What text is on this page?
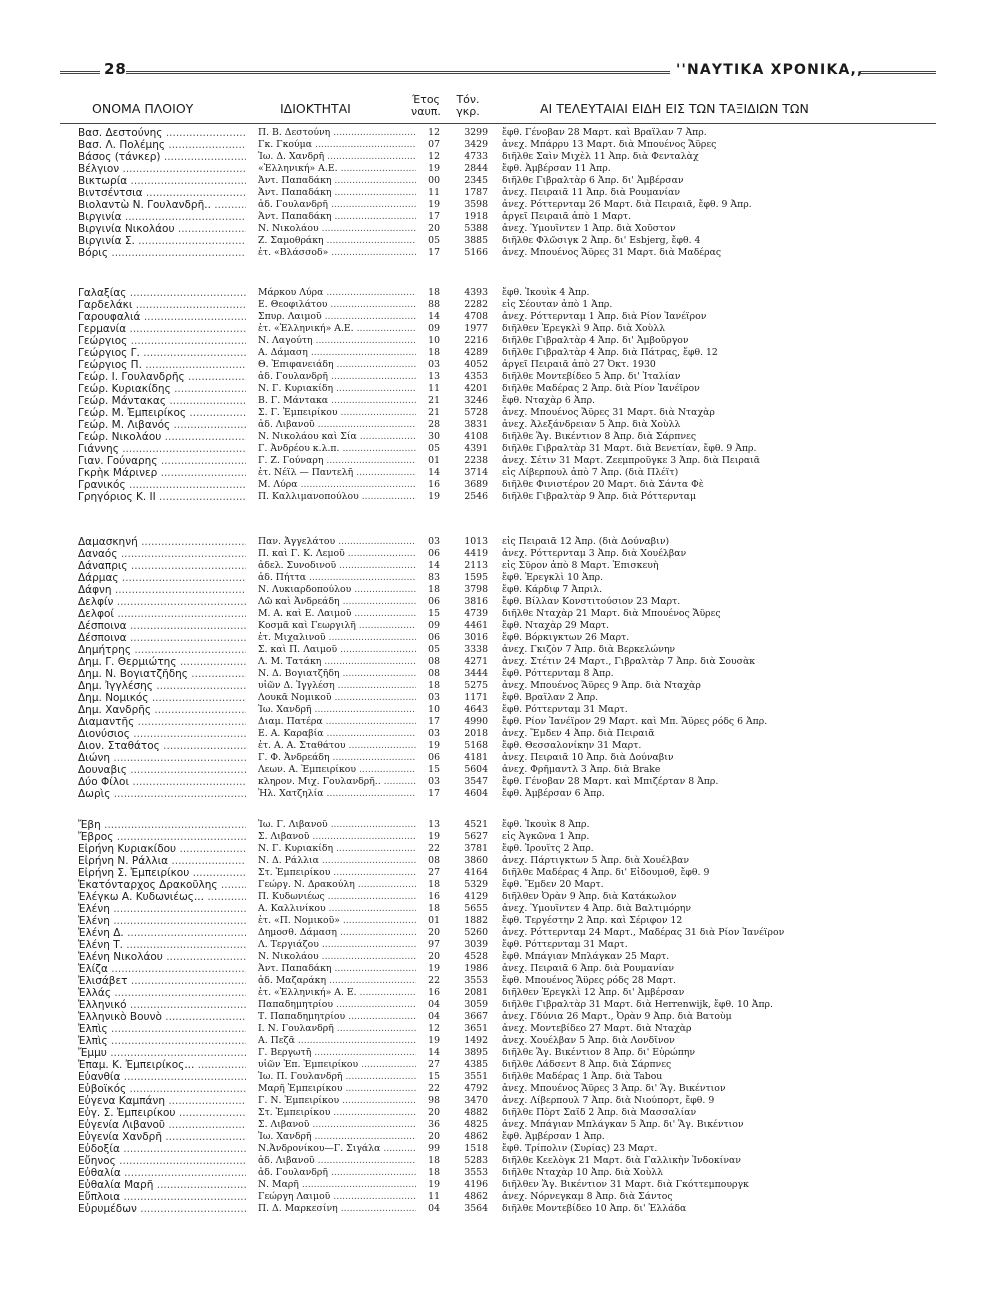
28	''ΝΑΥΤΙΚΑ ΧΡΟΝΙΚΑ,,
ΟΝΟΜΑ ΠΛΟΙΟΥ	ΙΔΙΟΚΤΗΤΑΙ
Έτος
ναυπ.
Τόν.
γκρ.	ΑΙ ΤΕΛΕΥΤΑΙΑΙ ΕΙΔΗ ΕΙΣ ΤΩΝ ΤΑΞΙΔΙΩΝ ΤΩΝ
Βασ. Δεστούνης .....	Π. Β. Δεστούνη .....	12	3299 ἔφθ. Γένοβαν 28 Μαρτ. καὶ Βραΐλαν 7 Ἀπρ.
Βασ. Λ. Πολέμης .....	Γκ. Γκούμα .....	07	3429 ἀνεχ. Μπάρρυ 13 Μαρτ. διὰ Μπουένος Ἄϋρες
Βάσος (τάνκερ) .....	Ἰω. Δ. Χανδρῆ .....	12	4733 διῆλθε Σαὶν Μιχὲλ 11 Ἀπρ. διὰ Φενταλὰχ
Βέλγιον .....	«Ἑλληνική» Α.Ε. .....	19	2844 ἔφθ. Ἀμβέρσαν 11 Ἀπρ.
Βικτωρία .....	Ἀντ. Παπαδάκη .....	00	2345 διῆλθε Γιβραλτὰρ 6 Ἀπρ. δι' Ἀμβέρσαν
Βιντσέντσια .....	Ἀντ. Παπαδάκη .....	11	1787 ἀνεχ. Πειραιᾶ 11 Ἀπρ. διὰ Ρουμανίαν
Βιολαντὼ Ν. Γουλανδρῆ.. .....	ἀδ. Γουλανδρῆ .....	19	3598 ἀνεχ. Ρόττερνταμ 26 Μαρτ. διὰ Πειραιᾶ, ἔφθ. 9 Ἀπρ.
Βιργινία .....	Ἀντ. Παπαδάκη .....	17	1918 ἀργεῖ Πειραιᾶ ἀπὸ 1 Μαρτ.
Βιργινία Νικολάου .....	Ν. Νικολάου .....	20	5388 ἀνεχ. Ὑμουΐντεν 1 Ἀπρ. διὰ Χοῦστον
Βιργινία Σ. .....	Ζ. Σαμοθράκη .....	05	3885 διῆλθε Φλῶσιγκ 2 Ἀπρ. δι' Esbjerg, ἔφθ. 4
Βόρις .....	ἑτ. «Βλάσσοδ» .....	17	5166 ἀνεχ. Μπουένος Ἄϋρες 31 Μαρτ. διὰ Μαδέρας
Γαλαξίας .....	Μάρκου Λύρα .....	18	4393 ἔφθ. Ἰκουὶκ 4 Ἀπρ.
Γαρδελάκι .....	Ε. Θεοφιλάτου .....	88	2282 εἰς Σέουταν ἀπὸ 1 Ἀπρ.
Γαρουφαλιά .....	Σπυρ. Λαιμοῦ .....	14	4708 ἀνεχ. Ρόττερνταμ 1 Ἀπρ. διὰ Ρίον Ἰανέϊρον
Γερμανία .....	ἑτ. «Ἑλληνική» Α.Ε. .....	09	1977 διῆλθεν Ἐρεγκλὶ 9 Ἀπρ. διὰ Χοὺλλ
Γεώργιος .....	Ν. Λαγούτη .....	10	2216 διῆλθε Γιβραλτὰρ 4 Ἀπρ. δι' Ἀμβοῦργον
Γεώργιος Γ. .....	Α. Δάμαση .....	18	4289 διῆλθε Γιβραλτὰρ 4 Ἀπρ. διὰ Πάτρας, ἔφθ. 12
Γεώργιος Π. .....	Θ. Ἐπιφανειάδη .....	03	4052 ἀργεῖ Πειραιᾶ ἀπὸ 27 Ὀκτ. 1930
Γεώρ. Ι. Γουλανδρῆς .....	ἀδ. Γουλανδρῆ .....	13	4353 διῆλθε Μοντεβίδεο 5 Ἀπρ. δι' Ἰταλίαν
Γεώρ. Κυριακίδης .....	Ν. Γ. Κυριακίδη .....	11	4201 διῆλθε Μαδέρας 2 Ἀπρ. διὰ Ρίον Ἰανέϊρον
Γεώρ. Μάντακας .....	Β. Γ. Μάντακα .....	21	3246 ἔφθ. Νταχὰρ 6 Ἀπρ.
Γεώρ. Μ. Ἐμπειρίκος .....	Σ. Γ. Ἐμπειρίκου .....	21	5728 ἀνεχ. Μπουένος Ἄϋρες 31 Μαρτ. διὰ Νταχὰρ
Γεώρ. Μ. Λιβανός .....	ἀδ. Λιβανοῦ .....	28	3831 ἀνεχ. Ἀλεξάνδρειαν 5 Ἀπρ. διὰ Χοὺλλ
Γεώρ. Νικολάου .....	Ν. Νικολάου καὶ Σία .....	30	4108 διῆλθε Ἅγ. Βικέντιον 8 Ἀπρ. διὰ Σάρπνες
Γιάννης .....	Γ. Ἀνδρέου κ.λ.π. .....	05	4391 διῆλθε Γιβραλτὰρ 31 Μαρτ. διὰ Βενετίαν, ἔφθ. 9 Ἀπρ.
Γιαν. Γούναρης .....	Γ. Ζ. Γούναρη .....	01	2238 ἀνεχ. Σέτιν 31 Μαρτ. Ζεεμπροῦγκε 3 Ἀπρ. διὰ Πειραιᾶ
Γκρὴκ Μάρινερ .....	ἑτ. Νέϊλ — Παντελῆ .....	14	3714 εἰς Λίβερπουλ ἀπὸ 7 Ἀπρ. (διὰ Πλέϊτ)
Γρανικός .....	Μ. Λύρα .....	16	3689 διῆλθε Φινιστέρον 20 Μαρτ. διὰ Σάντα Φὲ
Γρηγόριος Κ. ΙΙ .....	Π. Καλλιμανοπούλου .....	19	2546 διῆλθε Γιβραλτὰρ 9 Ἀπρ. διὰ Ρόττερνταμ
Δαμασκηνή .....	Παν. Ἀγγελάτου .....	03	1013 εἰς Πειραιᾶ 12 Ἀπρ. (διὰ Δούναβιν)
Δαναός .....	Π. καὶ Γ. Κ. Λεμοῦ .....	06	4419 ἀνεχ. Ρόττερνταμ 3 Ἀπρ. διὰ Χουέλβαν
Δάναπρις .....	ἀδελ. Συνοδινοῦ .....	14	2113 εἰς Σῦρον ἀπὸ 8 Μαρτ. Ἐπισκευὴ
Δάρμας .....	ἀδ. Πήττα .....	83	1595 ἔφθ. Ἐρεγκλὶ 10 Ἀπρ.
Δάφνη .....	Ν. Λυκιαρδοπούλου .....	18	3798 ἔφθ. Κάρδιφ 7 Ἀπριλ.
Δελφίν .....	Λῶ καὶ Ἀνδρεάδη .....	06	3816 ἔφθ. Βίλλαν Κονστιτούσιον 23 Μαρτ.
Δελφοί .....	Μ. Α. καὶ Ε. Λαιμοῦ .....	15	4739 διῆλθε Νταχὰρ 21 Μαρτ. διὰ Μπουένος Ἄϋρες
Δέσποινα .....	Κοσμᾶ καὶ Γεωργιλῆ .....	09	4461 ἔφθ. Νταχὰρ 29 Μαρτ.
Δέσποινα .....	ἑτ. Μιχαλινοῦ .....	06	3016 ἔφθ. Βόρκιγκτων 26 Μαρτ.
Δημήτρης .....	Σ. καὶ Π. Λαιμοῦ .....	05	3338 ἀνεχ. Γκιζὸν 7 Ἀπρ. διὰ Βερκελώνην
Δημ. Γ. Θερμιώτης .....	Λ. Μ. Τατάκη .....	08	4271 ἀνεχ. Στέτιν 24 Μαρτ., Γιβραλτὰρ 7 Ἀπρ. διὰ Σουσὰκ
Δημ. Ν. Βογιατζῆδης .....	Ν. Δ. Βογιατζῆδη .....	08	3444 ἔφθ. Ρόττερνταμ 8 Ἀπρ.
Δημ. Ἰγγλέσης .....	υἱῶν Δ. Ἰγγλέση .....	18	5275 ἀνεχ. Μπουένος Ἄϋρες 9 Ἀπρ. διὰ Νταχὰρ
Δημ. Νομικός .....	Λουκᾶ Νομικοῦ .....	03	1171 ἔφθ. Βραΐλαν 2 Ἀπρ.
Δημ. Χανδρῆς .....	Ἰω. Χανδρῆ .....	10	4643 ἔφθ. Ρόττερνταμ 31 Μαρτ.
Διαμαντῆς .....	Διαμ. Πατέρα .....	17	4990 ἔφθ. Ρίον Ἰανέϊρον 29 Μαρτ. καὶ Μπ. Ἄϋρες ρόδς 6 Ἀπρ.
Διονύσιος .....	Ε. Α. Καραβία .....	03	2018 ἀνεχ. Ἔμδεν 4 Ἀπρ. διὰ Πειραιᾶ
Διον. Σταθάτος .....	ἑτ. Α. Α. Σταθάτου .....	19	5168 ἔφθ. Θεσσαλονίκην 31 Μαρτ.
Διώνη .....	Γ. Φ. Ἀνδρεάδη .....	06	4181 ἀνεχ. Πειραιᾶ 10 Ἀπρ. διὰ Δούναβιν
Δουναβις .....	Λεων. Α. Ἐμπειρίκου .....	15	5604 ἀνεχ. Φρῆμαντλ 3 Ἀπρ. διὰ Brake
Δύο Φίλοι .....	κληρον. Μιχ. Γουλανδρῆ.. .....	03	3547 ἔφθ. Γένοβαν 28 Μαρτ. καὶ Μπιζέρταν 8 Ἀπρ.
Δωρὶς .....	Ἠλ. Χατζηλία .....	17	4604 ἔφθ. Ἀμβέρσαν 6 Ἀπρ.
Ἔβη .....	Ἰω. Γ. Λιβανοῦ .....	13	4521 ἔφθ. Ἰκουὶκ 8 Ἀπρ.
Ἔβρος .....	Σ. Λιβανοῦ .....	19	5627 εἰς Ἀγκῶνα 1 Ἀπρ.
Εἰρήνη Κυριακίδου .....	Ν. Γ. Κυριακίδη .....	22	3781 ἔφθ. Ἰρουΐτς 2 Ἀπρ.
Εἰρήνη Ν. Ράλλια .....	Ν. Δ. Ράλλια .....	08	3860 ἀνεχ. Πάρτιγκτων 5 Ἀπρ. διὰ Χουέλβαν
Εἰρήνη Σ. Ἐμπειρίκου .....	Στ. Ἐμπειρίκου .....	27	4164 διῆλθε Μαδέρας 4 Ἀπρ. δι' Εἰδουμοθ, ἔφθ. 9
Ἑκατόνταρχος Δρακοῦλης .....	Γεώργ. Ν. Δρακούλη .....	18	5329 ἔφθ. Ἔμδεν 20 Μαρτ.
Ἐλέγκω Α. Κυδωνιέως... .....	Π. Κυδωνιέως .....	16	4129 διῆλθεν Ὀρὰν 9 Ἀπρ. διὰ Κατάκωλον
Ἑλένη .....	Α. Καλλινίκου .....	18	5655 ἀνεχ. Ὑμουΐντεν 4 Ἀπρ. διὰ Βαλτιμόρην
Ἑλένη .....	ἑτ. «Π. Νομικοῦ» .....	01	1882 ἔφθ. Τεργέστην 2 Ἀπρ. καὶ Σέριφον 12
Ἑλένη Δ. .....	Δημοσθ. Δάμαση .....	20	5260 ἀνεχ. Ρόττερνταμ 24 Μαρτ., Μαδέρας 31 διὰ Ρίον Ἰανέϊρον
Ἑλένη Τ. .....	Λ. Τεργιάζου .....	97	3039 ἔφθ. Ρόττερνταμ 31 Μαρτ.
Ἑλένη Νικολάου .....	Ν. Νικολάου .....	20	4528 ἔφθ. Μπάγιαν Μπλάγκαν 25 Μαρτ.
Ἑλίζα .....	Ἀντ. Παπαδάκη .....	19	1986 ἀνεχ. Πειραιᾶ 6 Ἀπρ. διὰ Ρουμανίαν
Ἐλισάβετ .....	ἀδ. Μαζαράκη .....	22	3553 ἔφθ. Μπουένος Ἄϋρες ρόδς 28 Μαρτ.
Ἑλλάς .....	ἑτ. «Ἑλληνική» Α. Ε. .....	16	2081 διῆλθεν Ἐρεγκλὶ 12 Ἀπρ. δι' Ἀμβέρσαν
Ἑλληνικό .....	Παπαδημητρίου .....	04	3059 διῆλθε Γιβραλτὰρ 31 Μαρτ. διὰ Herrenwijk, ἔφθ. 10 Ἀπρ.
Ἑλληνικὸ Βουνὸ .....	Τ. Παπαδημητρίου .....	04	3667 ἀνεχ. Γδύνια 26 Μαρτ., Ὀρὰν 9 Ἀπρ. διὰ Βατοὺμ
Ἐλπὶς .....	Ι. Ν. Γουλανδρῆ .....	12	3651 ἀνεχ. Μοντεβίδεο 27 Μαρτ. διὰ Νταχὰρ
Ἐλπὶς .....	Α. Πεζᾶ .....	19	1492 ἀνεχ. Χουέλβαν 5 Ἀπρ. διὰ Λονδῖνον
Ἔμμυ .....	Γ. Βεργωτῆ .....	14	3895 διῆλθε Ἅγ. Βικέντιον 8 Ἀπρ. δι' Εὐρώπην
Ἐπαμ. Κ. Ἐμπειρίκος... .....	υἱῶν Ἐπ. Ἐμπειρίκου .....	27	4385 διῆλθε Λάδσεντ 8 Ἀπρ. διὰ Σάρπνες
Εὐανθία .....	Ἰω. Π. Γουλανδρῆ .....	15	3551 διῆλθε Μαδέρας 1 Ἀπρ. διὰ Tabou
Εὐβοϊκός .....	Μαρῆ Ἐμπειρίκου .....	22	4792 ἀνεχ. Μπουένος Ἄϋρες 3 Ἀπρ. δι' Ἅγ. Βικέντιον
Εὐγενα Καμπάνη .....	Γ. Ν. Ἐμπειρίκου .....	98	3470 ἀνεχ. Λίβερπουλ 7 Ἀπρ. διὰ Νιούπορτ, ἔφθ. 9
Εὐγ. Σ. Ἐμπειρίκου .....	Στ. Ἐμπειρίκου .....	20	4882 διῆλθε Πὸρτ Σαῒδ 2 Ἀπρ. διὰ Μασσαλίαν
Εὐγενία Λιβανοῦ .....	Σ. Λιβανοῦ .....	36	4825 ἀνεχ. Μπάγιαν Μπλάγκαν 5 Ἀπρ. δι' Ἅγ. Βικέντιον
Εὐγενία Χανδρῆ .....	Ἰω. Χανδρῆ .....	20	4862 ἔφθ. Ἀμβέρσαν 1 Ἀπρ.
Εὐδοξία .....	Ν.Ἀνδρονίκου—Γ. Σιγάλα .....	99	1518 ἔφθ. Τρίπολιν (Συρίας) 23 Μαρτ.
Εὔηνος .....	ἀδ. Λιβανοῦ .....	18	5283 διῆλθε Κεελὸγκ 21 Μαρτ. διὰ Γαλλικὴν Ἰνδοκίναν
Εὐθαλία .....	ἀδ. Γουλανδρῆ .....	18	3553 διῆλθε Νταχὰρ 10 Ἀπρ. διὰ Χοὺλλ
Εὐθαλία Μαρῆ .....	Ν. Μαρῆ .....	19	4196 διῆλθεν Ἅγ. Βικέντιον 31 Μαρτ. διὰ Γκόττεμπουργκ
Εὔπλοια .....	Γεώργη Λαιμοῦ .....	11	4862 ἀνεχ. Νόρνεγκαμ 8 Ἀπρ. διὰ Σάντος
Εὐρυμέδων .....	Π. Δ. Μαρκεσίνη .....	04	3564 διῆλθε Μοντεβίδεο 10 Ἀπρ. δι' Ἑλλάδα
